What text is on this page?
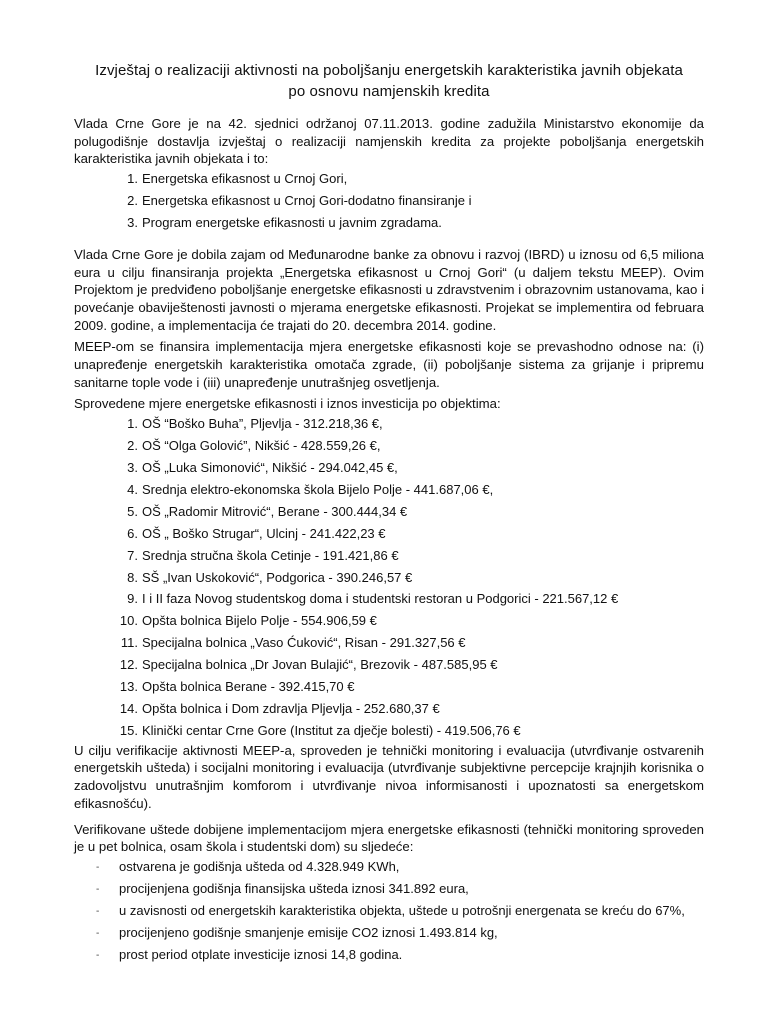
Izvještaj o realizaciji aktivnosti na poboljšanju energetskih karakteristika javnih objekata
po osnovu namjenskih kredita

Vlada Crne Gore je na 42. sjednici održanoj 07.11.2013. godine zadužila Ministarstvo ekonomije da polugodišnje dostavlja izvještaj o realizaciji namjenskih kredita za projekte poboljšanja energetskih karakteristika javnih objekata i to:

1. Energetska efikasnost u Crnoj Gori,
2. Energetska efikasnost u Crnoj Gori-dodatno finansiranje i
3. Program energetske efikasnosti u javnim zgradama.

Vlada Crne Gore je dobila zajam od Međunarodne banke za obnovu i razvoj (IBRD) u iznosu od 6,5 miliona eura u cilju finansiranja projekta „Energetska efikasnost u Crnoj Gori“ (u daljem tekstu MEEP). Ovim Projektom je predviđeno poboljšanje energetske efikasnosti u zdravstvenim i obrazovnim ustanovama, kao i povećanje obaviještenosti javnosti o mjerama energetske efikasnosti. Projekat se implementira od februara 2009. godine, a implementacija će trajati do 20. decembra 2014. godine.

MEEP-om se finansira implementacija mjera energetske efikasnosti koje se prevashodno odnose na: (i) unapređenje energetskih karakteristika omotača zgrade, (ii) poboljšanje sistema za grijanje i pripremu sanitarne tople vode i (iii) unapređenje unutrašnjeg osvetljenja.

Sprovedene mjere energetske efikasnosti i iznos investicija po objektima:

1. OŠ “Boško Buha”, Pljevlja - 312.218,36 €,
2. OŠ “Olga Golović”, Nikšić - 428.559,26 €,
3. OŠ „Luka Simonović“, Nikšić - 294.042,45 €,
4. Srednja elektro-ekonomska škola Bijelo Polje - 441.687,06 €,
5. OŠ „Radomir Mitrović“, Berane - 300.444,34 €
6. OŠ „ Boško Strugar“, Ulcinj - 241.422,23 €
7. Srednja stručna škola Cetinje - 191.421,86 €
8. SŠ „Ivan Uskoković“, Podgorica - 390.246,57 €
9. I i II faza Novog studentskog doma i studentski restoran u Podgorici - 221.567,12 €
10. Opšta bolnica Bijelo Polje - 554.906,59 €
11. Specijalna bolnica „Vaso Ćuković“, Risan - 291.327,56 €
12. Specijalna bolnica „Dr Jovan Bulajić“, Brezovik - 487.585,95 €
13. Opšta bolnica Berane - 392.415,70 €
14. Opšta bolnica i Dom zdravlja Pljevlja - 252.680,37 €
15. Klinički centar Crne Gore (Institut za dječje bolesti) - 419.506,76 €

U cilju verifikacije aktivnosti MEEP-a, sproveden je tehnički monitoring i evaluacija (utvrđivanje ostvarenih energetskih ušteda) i socijalni monitoring i evaluacija (utvrđivanje subjektivne percepcije krajnjih korisnika o zadovoljstvu unutrašnjim komforom i utvrđivanje nivoa informisanosti i upoznatosti sa energetskom efikasnošću).

Verifikovane uštede dobijene implementacijom mjera energetske efikasnosti (tehnički monitoring sproveden je u pet bolnica, osam škola i studentski dom) su sljedeće:

- ostvarena je godišnja ušteda od 4.328.949 KWh,
- procijenjena godišnja finansijska ušteda iznosi 341.892 eura,
- u zavisnosti od energetskih karakteristika objekta, uštede u potrošnji energenata se kreću do 67%,
- procijenjeno godišnje smanjenje emisije CO2 iznosi 1.493.814 kg,
- prost period otplate investicije iznosi 14,8 godina.
